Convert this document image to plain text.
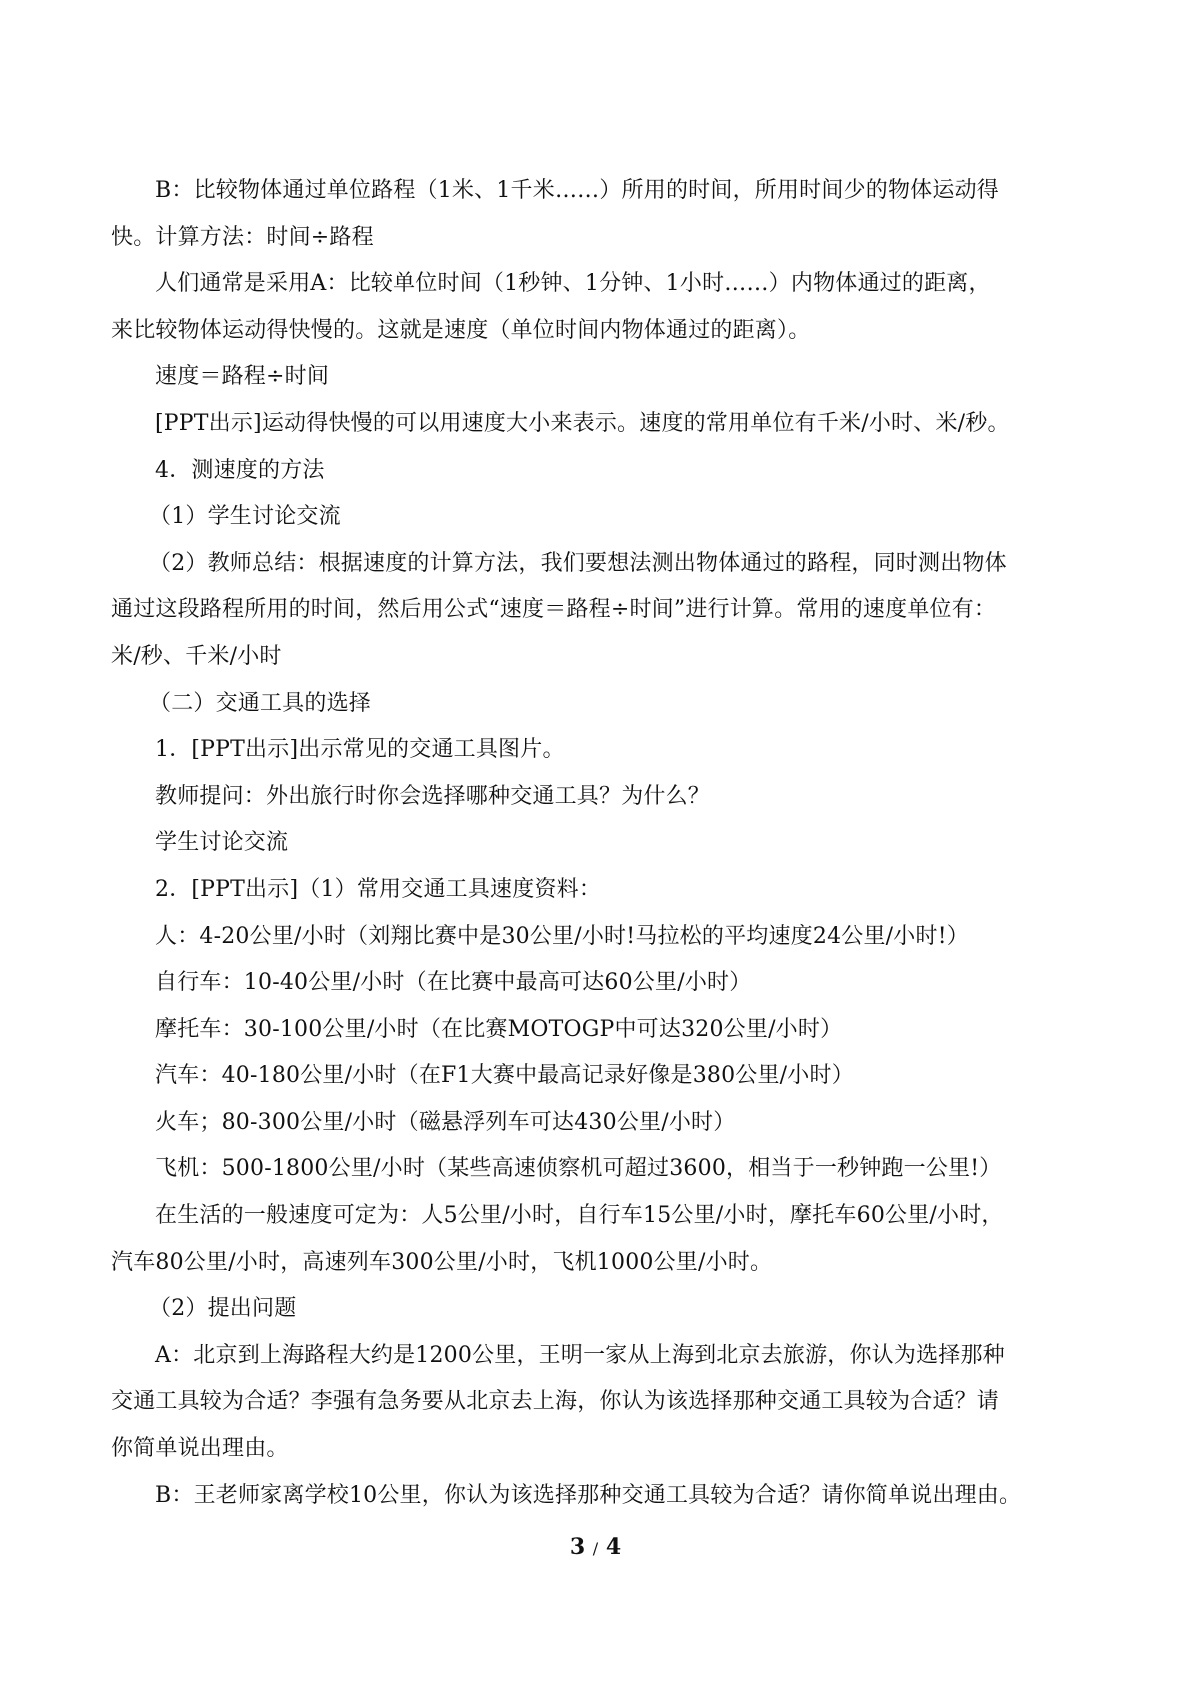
B：比较物体通过单位路程（1米、1千米……）所用的时间，所用时间少的物体运动得
快。计算方法：时间÷路程
人们通常是采用A：比较单位时间（1秒钟、1分钟、1小时……）内物体通过的距离，
来比较物体运动得快慢的。这就是速度（单位时间内物体通过的距离）。
速度＝路程÷时间
[PPT出示]运动得快慢的可以用速度大小来表示。速度的常用单位有千米/小时、米/秒。
4．测速度的方法
（1）学生讨论交流
（2）教师总结：根据速度的计算方法，我们要想法测出物体通过的路程，同时测出物体
通过这段路程所用的时间，然后用公式“速度＝路程÷时间”进行计算。常用的速度单位有：
米/秒、千米/小时
（二）交通工具的选择
1．[PPT出示]出示常见的交通工具图片。
教师提问：外出旅行时你会选择哪种交通工具？为什么？
学生讨论交流
2．[PPT出示]（1）常用交通工具速度资料：
人：4-20公里/小时（刘翔比赛中是30公里/小时!马拉松的平均速度24公里/小时!）
自行车：10-40公里/小时（在比赛中最高可达60公里/小时）
摩托车：30-100公里/小时（在比赛MOTOGP中可达320公里/小时）
汽车：40-180公里/小时（在F1大赛中最高记录好像是380公里/小时）
火车；80-300公里/小时（磁悬浮列车可达430公里/小时）
飞机：500-1800公里/小时（某些高速侦察机可超过3600，相当于一秒钟跑一公里!）
在生活的一般速度可定为：人5公里/小时，自行车15公里/小时，摩托车60公里/小时，
汽车80公里/小时，高速列车300公里/小时，飞机1000公里/小时。
（2）提出问题
A：北京到上海路程大约是1200公里，王明一家从上海到北京去旅游，你认为选择那种
交通工具较为合适？李强有急务要从北京去上海，你认为该选择那种交通工具较为合适？请
你简单说出理由。
B：王老师家离学校10公里，你认为该选择那种交通工具较为合适？请你简单说出理由。
3 / 4
